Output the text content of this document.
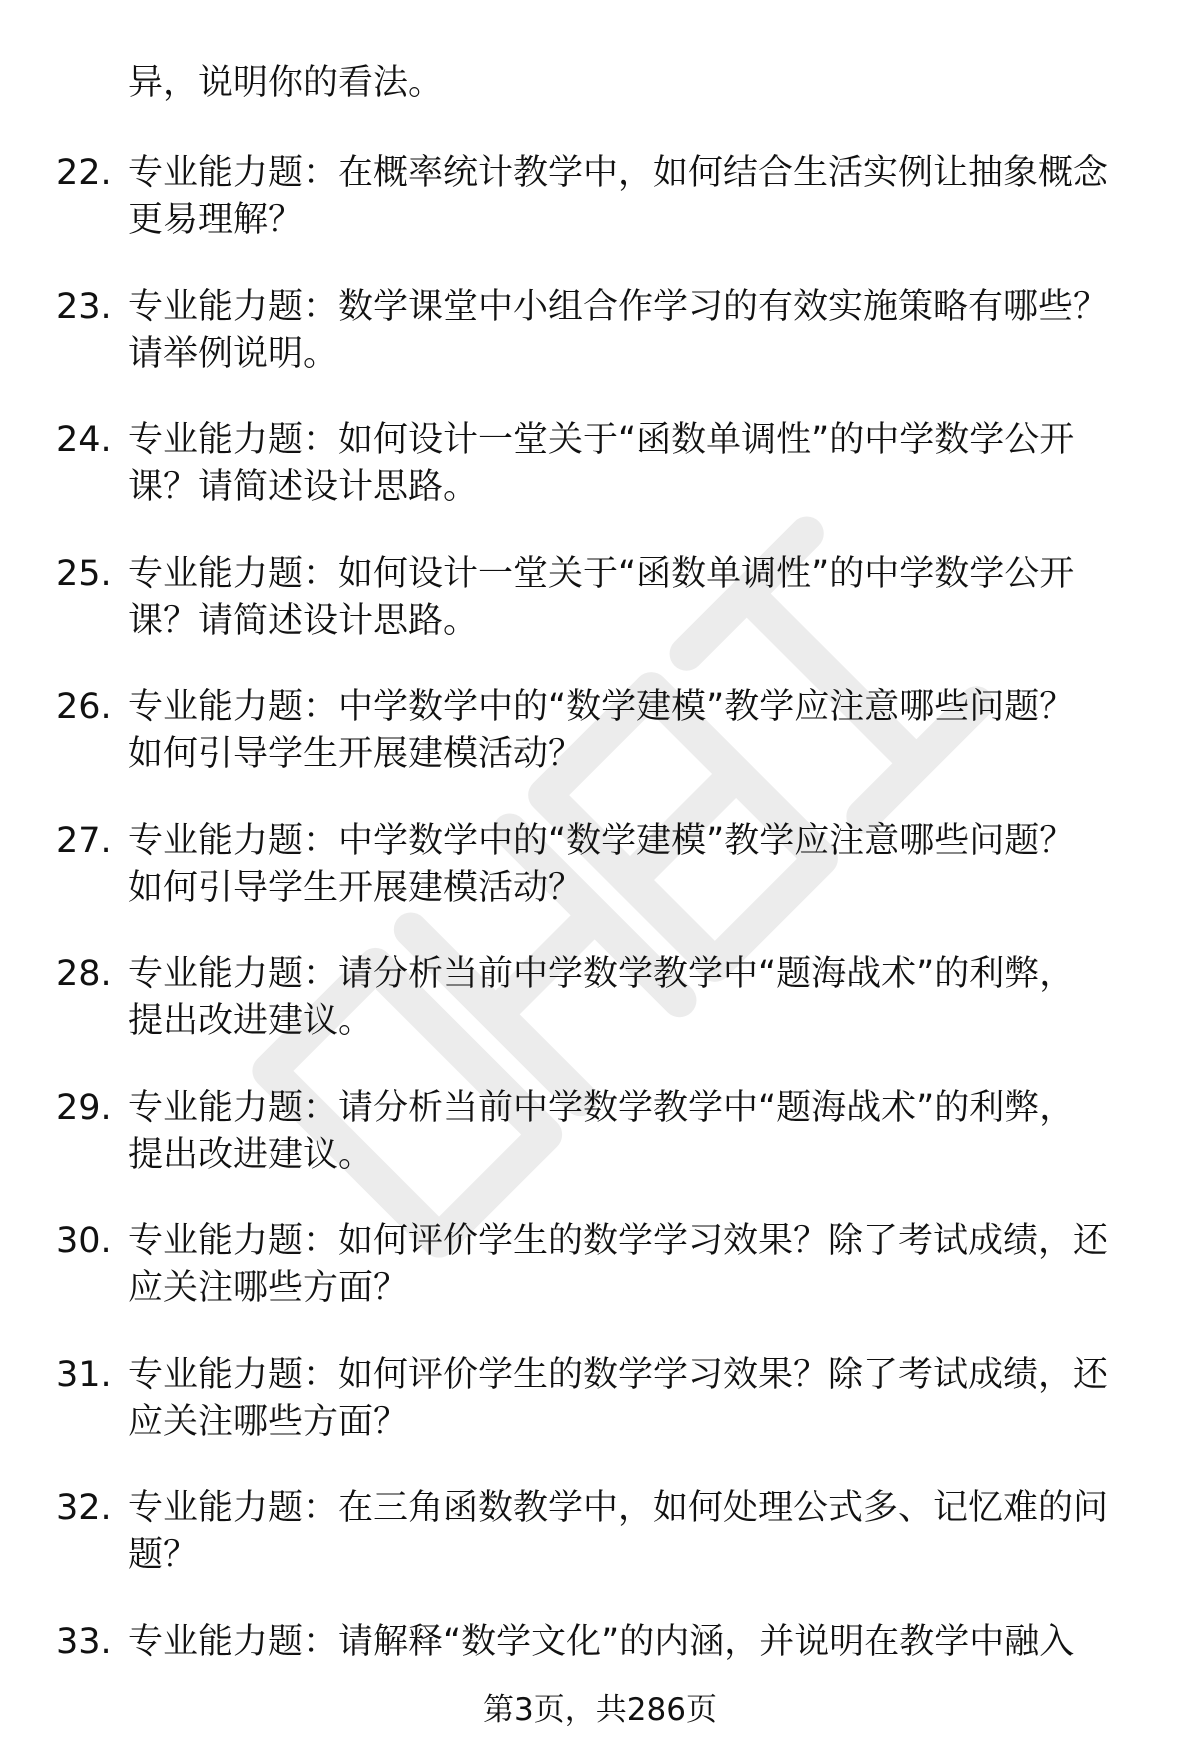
异，说明你的看法。
22. 专业能力题：在概率统计教学中，如何结合生活实例让抽象概念
更易理解？
23. 专业能力题：数学课堂中小组合作学习的有效实施策略有哪些？
请举例说明。
24. 专业能力题：如何设计一堂关于“函数单调性”的中学数学公开
课？请简述设计思路。
25. 专业能力题：如何设计一堂关于“函数单调性”的中学数学公开
课？请简述设计思路。
26. 专业能力题：中学数学中的“数学建模”教学应注意哪些问题？
如何引导学生开展建模活动？
27. 专业能力题：中学数学中的“数学建模”教学应注意哪些问题？
如何引导学生开展建模活动？
28. 专业能力题：请分析当前中学数学教学中“题海战术”的利弊，
提出改进建议。
29. 专业能力题：请分析当前中学数学教学中“题海战术”的利弊，
提出改进建议。
30. 专业能力题：如何评价学生的数学学习效果？除了考试成绩，还
应关注哪些方面？
31. 专业能力题：如何评价学生的数学学习效果？除了考试成绩，还
应关注哪些方面？
32. 专业能力题：在三角函数教学中，如何处理公式多、记忆难的问
题？
33. 专业能力题：请解释“数学文化”的内涵，并说明在教学中融入
第3页，共286页
